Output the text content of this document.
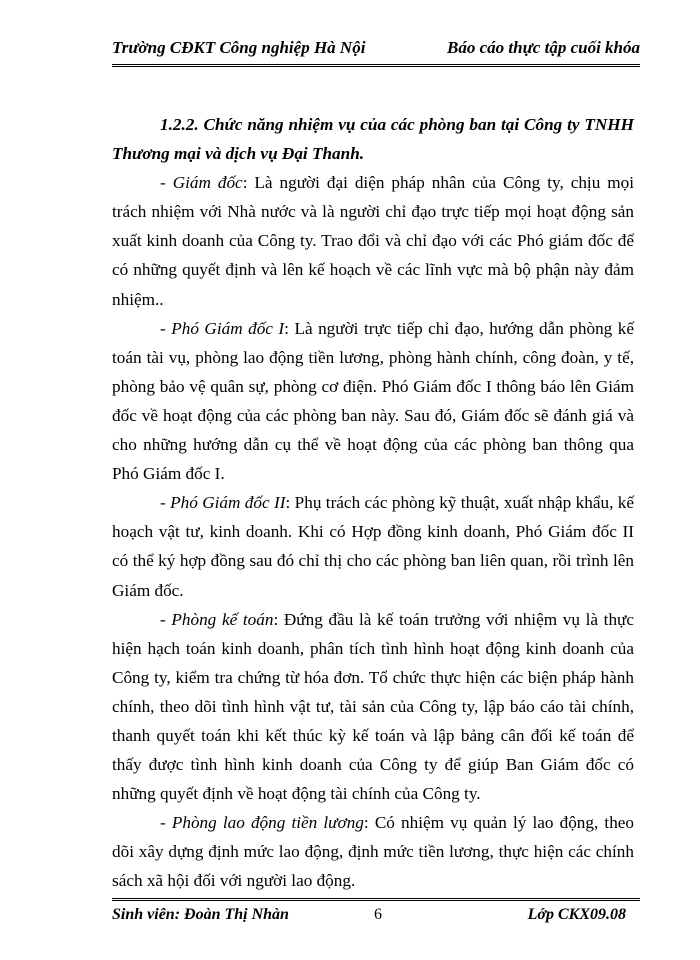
Trường CĐKT Công nghiệp Hà Nội	Báo cáo thực tập cuối khóa

1.2.2. Chức năng nhiệm vụ của các phòng ban tại Công ty TNHH Thương mại và dịch vụ Đại Thanh.

- Giám đốc: Là người đại diện pháp nhân của Công ty, chịu mọi trách nhiệm với Nhà nước và là người chỉ đạo trực tiếp mọi hoạt động sản xuất kinh doanh của Công ty. Trao đổi và chỉ đạo với các Phó giám đốc để có những quyết định và lên kế hoạch về các lĩnh vực mà bộ phận này đảm nhiệm..

- Phó Giám đốc I: Là người trực tiếp chỉ đạo, hướng dẫn phòng kế toán tài vụ, phòng lao động tiền lương, phòng hành chính, công đoàn, y tế, phòng bảo vệ quân sự, phòng cơ điện. Phó Giám đốc I thông báo lên Giám đốc về hoạt động của các phòng ban này. Sau đó, Giám đốc sẽ đánh giá và cho những hướng dẫn cụ thể về hoạt động của các phòng ban thông qua Phó Giám đốc I.

- Phó Giám đốc II: Phụ trách các phòng kỹ thuật, xuất nhập khẩu, kế hoạch vật tư, kinh doanh. Khi có Hợp đồng kinh doanh, Phó Giám đốc II có thể ký hợp đồng sau đó chỉ thị cho các phòng ban liên quan, rồi trình lên Giám đốc.

- Phòng kế toán: Đứng đầu là kế toán trưởng với nhiệm vụ là thực hiện hạch toán kinh doanh, phân tích tình hình hoạt động kinh doanh của Công ty, kiểm tra chứng từ hóa đơn. Tổ chức thực hiện các biện pháp hành chính, theo dõi tình hình vật tư, tài sản của Công ty, lập báo cáo tài chính, thanh quyết toán khi kết thúc kỳ kế toán và lập bảng cân đối kế toán để thấy được tình hình kinh doanh của Công ty để giúp Ban Giám đốc có những quyết định về hoạt động tài chính của Công ty.

- Phòng lao động tiền lương: Có nhiệm vụ quản lý lao động, theo dõi xây dựng định mức lao động, định mức tiền lương, thực hiện các chính sách xã hội đối với người lao động.

Sinh viên: Đoàn Thị Nhàn	6	Lớp CKX09.08
